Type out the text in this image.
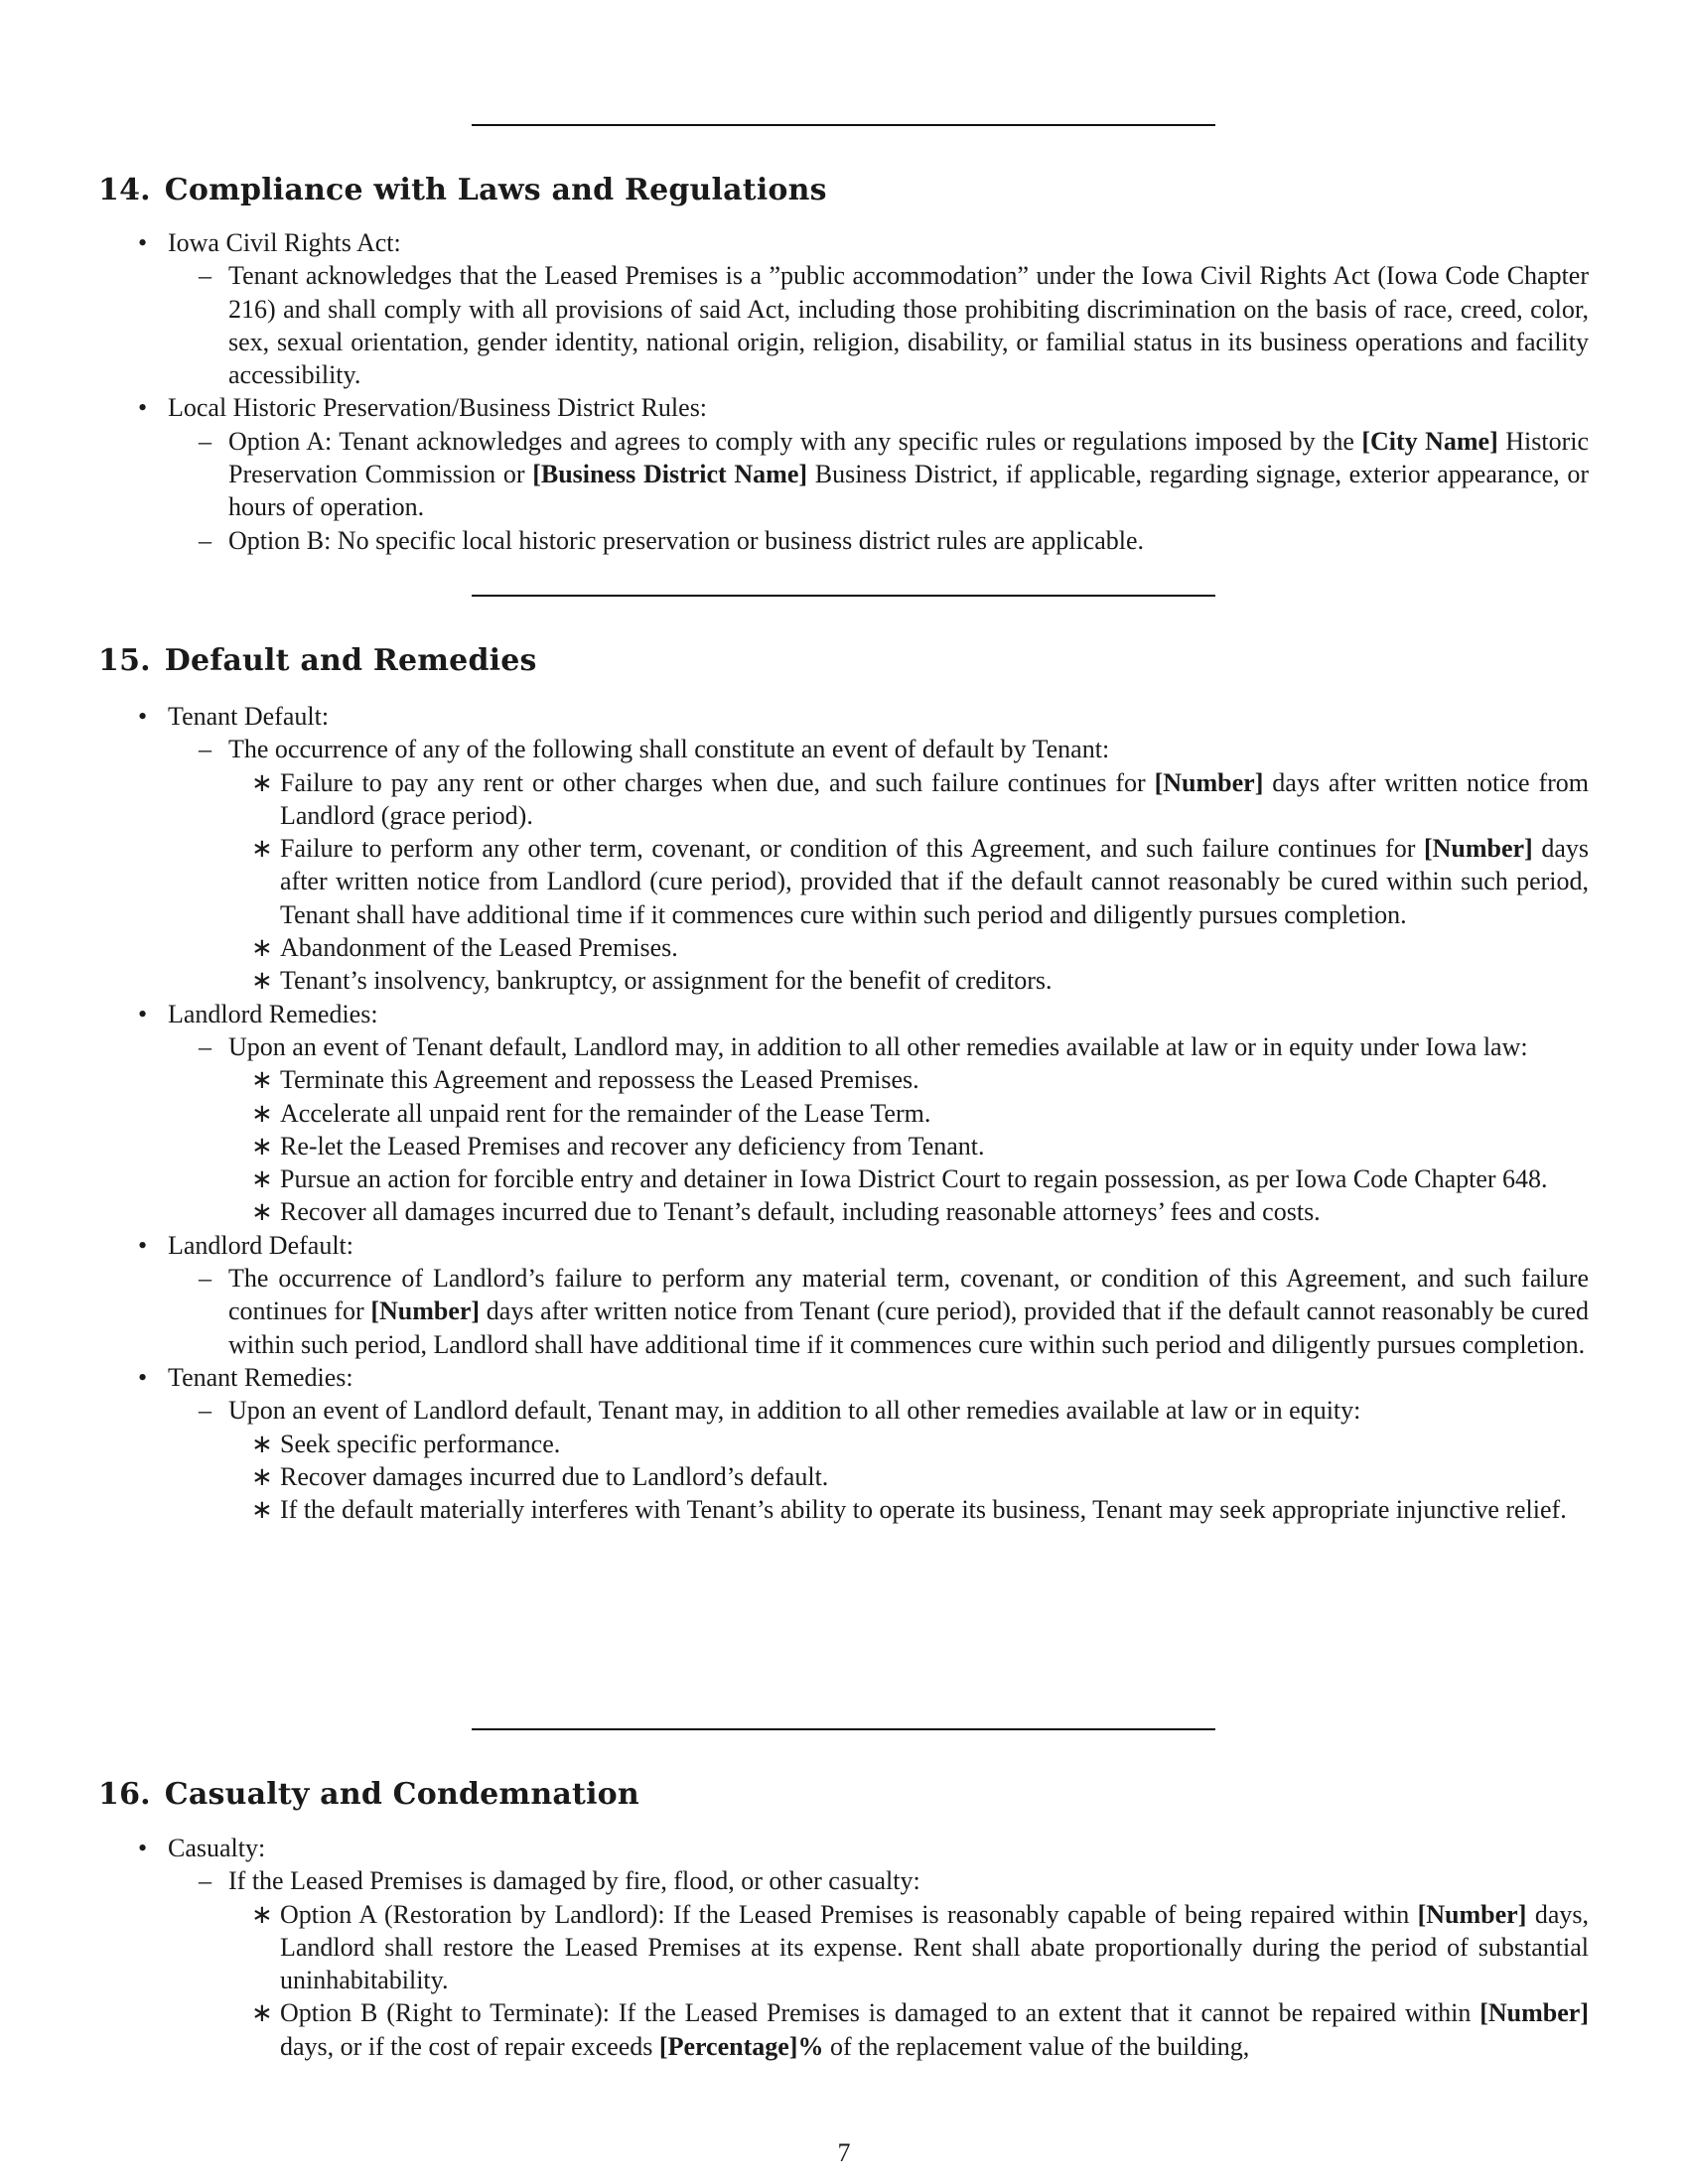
14. Compliance with Laws and Regulations
• Iowa Civil Rights Act:
– Tenant acknowledges that the Leased Premises is a ”public accommodation” under the Iowa Civil Rights Act (Iowa Code Chapter 216) and shall comply with all provisions of said Act, including those prohibiting discrimination on the basis of race, creed, color, sex, sexual orientation, gender identity, national origin, religion, disability, or familial status in its business operations and facility accessibility.
• Local Historic Preservation/Business District Rules:
– Option A: Tenant acknowledges and agrees to comply with any specific rules or regulations imposed by the [City Name] Historic Preservation Commission or [Business District Name] Business District, if applicable, regarding signage, exterior appearance, or hours of operation.
– Option B: No specific local historic preservation or business district rules are applicable.
15. Default and Remedies
• Tenant Default:
– The occurrence of any of the following shall constitute an event of default by Tenant:
∗ Failure to pay any rent or other charges when due, and such failure continues for [Number] days after written notice from Landlord (grace period).
∗ Failure to perform any other term, covenant, or condition of this Agreement, and such failure continues for [Number] days after written notice from Landlord (cure period), provided that if the default cannot reasonably be cured within such period, Tenant shall have additional time if it commences cure within such period and diligently pursues completion.
∗ Abandonment of the Leased Premises.
∗ Tenant’s insolvency, bankruptcy, or assignment for the benefit of creditors.
• Landlord Remedies:
– Upon an event of Tenant default, Landlord may, in addition to all other remedies available at law or in equity under Iowa law:
∗ Terminate this Agreement and repossess the Leased Premises.
∗ Accelerate all unpaid rent for the remainder of the Lease Term.
∗ Re-let the Leased Premises and recover any deficiency from Tenant.
∗ Pursue an action for forcible entry and detainer in Iowa District Court to regain possession, as per Iowa Code Chapter 648.
∗ Recover all damages incurred due to Tenant’s default, including reasonable attorneys’ fees and costs.
• Landlord Default:
– The occurrence of Landlord’s failure to perform any material term, covenant, or condition of this Agreement, and such failure continues for [Number] days after written notice from Tenant (cure period), provided that if the default cannot reasonably be cured within such period, Landlord shall have additional time if it commences cure within such period and diligently pursues completion.
• Tenant Remedies:
– Upon an event of Landlord default, Tenant may, in addition to all other remedies available at law or in equity:
∗ Seek specific performance.
∗ Recover damages incurred due to Landlord’s default.
∗ If the default materially interferes with Tenant’s ability to operate its business, Tenant may seek appropriate injunctive relief.
16. Casualty and Condemnation
• Casualty:
– If the Leased Premises is damaged by fire, flood, or other casualty:
∗ Option A (Restoration by Landlord): If the Leased Premises is reasonably capable of being repaired within [Number] days, Landlord shall restore the Leased Premises at its expense. Rent shall abate proportionally during the period of substantial uninhabitability.
∗ Option B (Right to Terminate): If the Leased Premises is damaged to an extent that it cannot be repaired within [Number] days, or if the cost of repair exceeds [Percentage]% of the replacement value of the building,
7
